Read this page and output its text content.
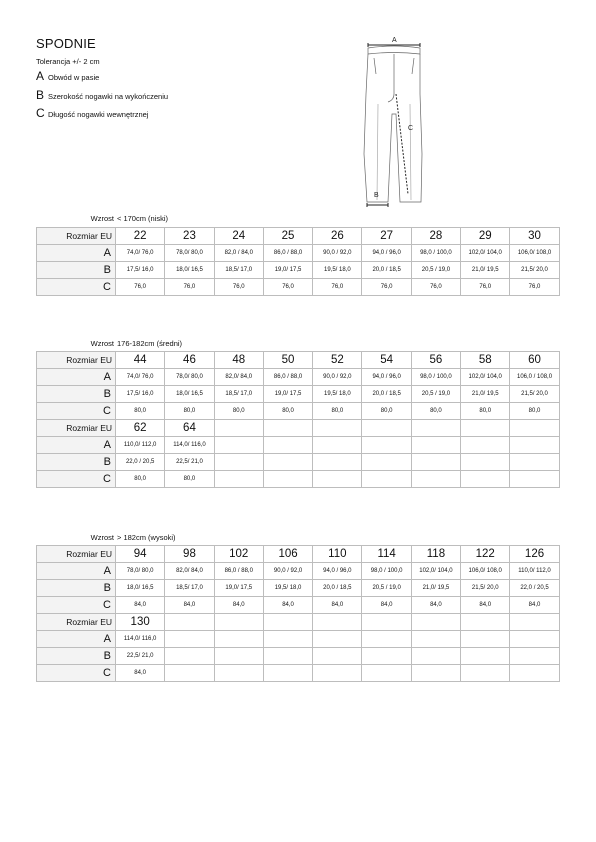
SPODNIE
Tolerancja +/- 2 cm
A Obwód w pasie
B Szerokość nogawki na wykończeniu
C Długość nogawki wewnętrznej
A
C
B
Wzrost < 170cm (niski)
Rozmiar EU	22	23	24	25	26	27	28	29	30
A	74,0/ 76,0	78,0/ 80,0	82,0 / 84,0	86,0 / 88,0	90,0 / 92,0	94,0 / 96,0	98,0 / 100,0	102,0/ 104,0	106,0/ 108,0
B	17,5/ 16,0	18,0/ 16,5	18,5/ 17,0	19,0/ 17,5	19,5/ 18,0	20,0 / 18,5	20,5 / 19,0	21,0/ 19,5	21,5/ 20,0
C	76,0	76,0	76,0	76,0	76,0	76,0	76,0	76,0	76,0
Wzrost 176-182cm (średni)
Rozmiar EU	44	46	48	50	52	54	56	58	60
A	74,0/ 76,0	78,0/ 80,0	82,0/ 84,0	86,0 / 88,0	90,0 / 92,0	94,0 / 96,0	98,0 / 100,0	102,0/ 104,0	106,0 / 108,0
B	17,5/ 16,0	18,0/ 16,5	18,5/ 17,0	19,0/ 17,5	19,5/ 18,0	20,0 / 18,5	20,5 / 19,0	21,0/ 19,5	21,5/ 20,0
C	80,0	80,0	80,0	80,0	80,0	80,0	80,0	80,0	80,0
Rozmiar EU	62	64							
A	110,0/ 112,0	114,0/ 116,0							
B	22,0 / 20,5	22,5/ 21,0							
C	80,0	80,0							
Wzrost > 182cm (wysoki)
Rozmiar EU	94	98	102	106	110	114	118	122	126
A	78,0/ 80,0	82,0/ 84,0	86,0 / 88,0	90,0 / 92,0	94,0 / 96,0	98,0 / 100,0	102,0/ 104,0	106,0/ 108,0	110,0/ 112,0
B	18,0/ 16,5	18,5/ 17,0	19,0/ 17,5	19,5/ 18,0	20,0 / 18,5	20,5 / 19,0	21,0/ 19,5	21,5/ 20,0	22,0 / 20,5
C	84,0	84,0	84,0	84,0	84,0	84,0	84,0	84,0	84,0
Rozmiar EU	130								
A	114,0/ 116,0								
B	22,5/ 21,0								
C	84,0								
